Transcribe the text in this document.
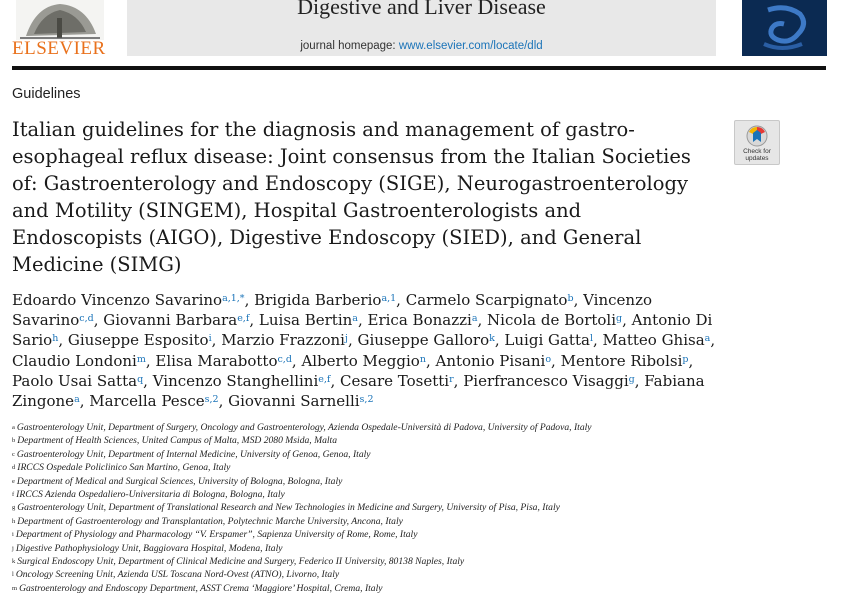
ELSEVIER
Digestive and Liver Disease
journal homepage: www.elsevier.com/locate/dld
Guidelines
Italian guidelines for the diagnosis and management of gastro-esophageal reflux disease: Joint consensus from the Italian Societies of: Gastroenterology and Endoscopy (SIGE), Neurogastroenterology and Motility (SINGEM), Hospital Gastroenterologists and Endoscopists (AIGO), Digestive Endoscopy (SIED), and General Medicine (SIMG)
Check for updates

Edoardo Vincenzo Savarino$^{a,1,*}$, Brigida Barberio$^{a,1}$, Carmelo Scarpignato$^b$, Vincenzo Savarino$^{c,d}$, Giovanni Barbara$^{e,f}$, Luisa Bertin$^a$, Erica Bonazzi$^a$, Nicola de Bortoli$^g$, Antonio Di Sario$^h$, Giuseppe Esposito$^i$, Marzio Frazzoni$^j$, Giuseppe Galloro$^k$, Luigi Gatta$^l$, Matteo Ghisa$^a$, Claudio Londoni$^m$, Elisa Marabotto$^{c,d}$, Alberto Meggio$^n$, Antonio Pisani$^o$, Mentore Ribolsi$^p$, Paolo Usai Satta$^q$, Vincenzo Stanghellini$^{e,f}$, Cesare Tosetti$^r$, Pierfrancesco Visaggi$^g$, Fabiana Zingone$^a$, Marcella Pesce$^{s,2}$, Giovanni Sarnelli$^{s,2}$

$^a$ Gastroenterology Unit, Department of Surgery, Oncology and Gastroenterology, Azienda Ospedale-Università di Padova, University of Padova, Italy
$^b$ Department of Health Sciences, United Campus of Malta, MSD 2080 Msida, Malta
$^c$ Gastroenterology Unit, Department of Internal Medicine, University of Genoa, Genoa, Italy
$^d$ IRCCS Ospedale Policlinico San Martino, Genoa, Italy
$^e$ Department of Medical and Surgical Sciences, University of Bologna, Bologna, Italy
$^f$ IRCCS Azienda Ospedaliero-Universitaria di Bologna, Bologna, Italy
$^g$ Gastroenterology Unit, Department of Translational Research and New Technologies in Medicine and Surgery, University of Pisa, Pisa, Italy
$^h$ Department of Gastroenterology and Transplantation, Polytechnic Marche University, Ancona, Italy
$^i$ Department of Physiology and Pharmacology “V. Erspamer”, Sapienza University of Rome, Rome, Italy
$^j$ Digestive Pathophysiology Unit, Baggiovara Hospital, Modena, Italy
$^k$ Surgical Endoscopy Unit, Department of Clinical Medicine and Surgery, Federico II University, 80138 Naples, Italy
$^l$ Oncology Screening Unit, Azienda USL Toscana Nord-Ovest (ATNO), Livorno, Italy
$^m$ Gastroenterology and Endoscopy Department, ASST Crema ‘Maggiore’ Hospital, Crema, Italy
